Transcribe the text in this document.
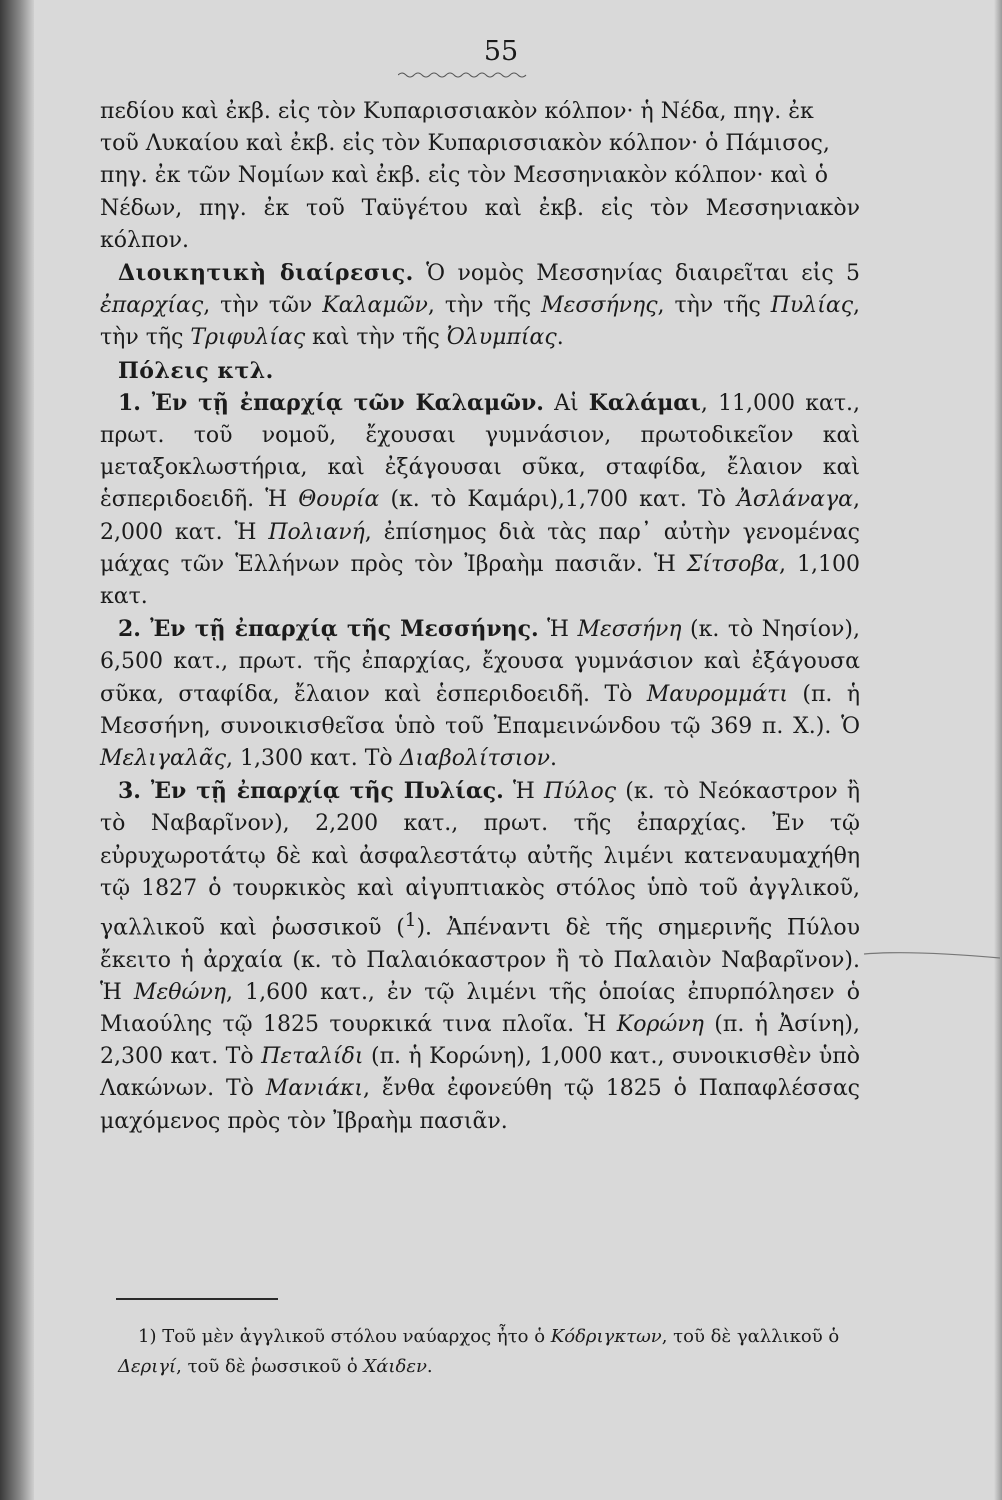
55

πεδίου καὶ ἐκβ. εἰς τὸν Κυπαρισσιακὸν κόλπον· ἡ Νέδα, πηγ. ἐκ

τοῦ Λυκαίου καὶ ἐκβ. εἰς τὸν Κυπαρισσιακὸν κόλπον· ὁ Πάμισος,

πηγ. ἐκ τῶν Νομίων καὶ ἐκβ. εἰς τὸν Μεσσηνιακὸν κόλπον· καὶ ὁ

Νέδων, πηγ. ἐκ τοῦ Ταϋγέτου καὶ ἐκβ. εἰς τὸν Μεσσηνιακὸν κόλπον.

Διοικητικὴ διαίρεσις. Ὁ νομὸς Μεσσηνίας διαιρεῖται εἰς 5 ἐπαρχίας, τὴν τῶν Καλαμῶν, τὴν τῆς Μεσσήνης, τὴν τῆς Πυλίας, τὴν τῆς Τριφυλίας καὶ τὴν τῆς Ὀλυμπίας.

Πόλεις κτλ.

1. Ἐν τῇ ἐπαρχίᾳ τῶν Καλαμῶν. Αἱ Καλάμαι, 11,000 κατ., πρωτ. τοῦ νομοῦ, ἔχουσαι γυμνάσιον, πρωτοδικεῖον καὶ μεταξοκλωστήρια, καὶ ἐξάγουσαι σῦκα, σταφίδα, ἔλαιον καὶ ἑσπεριδοειδῆ. Ἡ Θουρία (κ. τὸ Καμάρι),1,700 κατ. Τὸ Ἀσλάναγα, 2,000 κατ. Ἡ Πολιανή, ἐπίσημος διὰ τὰς παρ᾽ αὐτὴν γενομένας μάχας τῶν Ἑλλήνων πρὸς τὸν Ἰβραὴμ πασιᾶν. Ἡ Σίτσοβα, 1,100 κατ.

2. Ἐν τῇ ἐπαρχίᾳ τῆς Μεσσήνης. Ἡ Μεσσήνη (κ. τὸ Νησίον), 6,500 κατ., πρωτ. τῆς ἐπαρχίας, ἔχουσα γυμνάσιον καὶ ἐξάγουσα σῦκα, σταφίδα, ἔλαιον καὶ ἑσπεριδοειδῆ. Τὸ Μαυρομμάτι (π. ἡ Μεσσήνη, συνοικισθεῖσα ὑπὸ τοῦ Ἐπαμεινώνδου τῷ 369 π. Χ.). Ὁ Μελιγαλᾶς, 1,300 κατ. Τὸ Διαβολίτσιον.

3. Ἐν τῇ ἐπαρχίᾳ τῆς Πυλίας. Ἡ Πύλος (κ. τὸ Νεόκαστρον ἢ τὸ Ναβαρῖνον), 2,200 κατ., πρωτ. τῆς ἐπαρχίας. Ἐν τῷ εὐρυχωροτάτῳ δὲ καὶ ἀσφαλεστάτῳ αὐτῆς λιμένι κατεναυμαχήθη τῷ 1827 ὁ τουρκικὸς καὶ αἰγυπτιακὸς στόλος ὑπὸ τοῦ ἀγγλικοῦ, γαλλικοῦ καὶ ῥωσσικοῦ ($^1$). Ἀπέναντι δὲ τῆς σημερινῆς Πύλου ἔκειτο ἡ ἀρχαία (κ. τὸ Παλαιόκαστρον ἢ τὸ Παλαιὸν Ναβαρῖνον). Ἡ Μεθώνη, 1,600 κατ., ἐν τῷ λιμένι τῆς ὁποίας ἐπυρπόλησεν ὁ Μιαούλης τῷ 1825 τουρκικά τινα πλοῖα. Ἡ Κορώνη (π. ἡ Ἀσίνη), 2,300 κατ. Τὸ Πεταλίδι (π. ἡ Κορώνη), 1,000 κατ., συνοικισθὲν ὑπὸ Λακώνων. Τὸ Μανιάκι, ἔνθα ἐφονεύθη τῷ 1825 ὁ Παπαφλέσσας μαχόμενος πρὸς τὸν Ἰβραὴμ πασιᾶν.

1) Τοῦ μὲν ἀγγλικοῦ στόλου ναύαρχος ἦτο ὁ Κόδριγκτων, τοῦ δὲ γαλλικοῦ ὁ Δεριγί, τοῦ δὲ ῥωσσικοῦ ὁ Χάιδεν.
